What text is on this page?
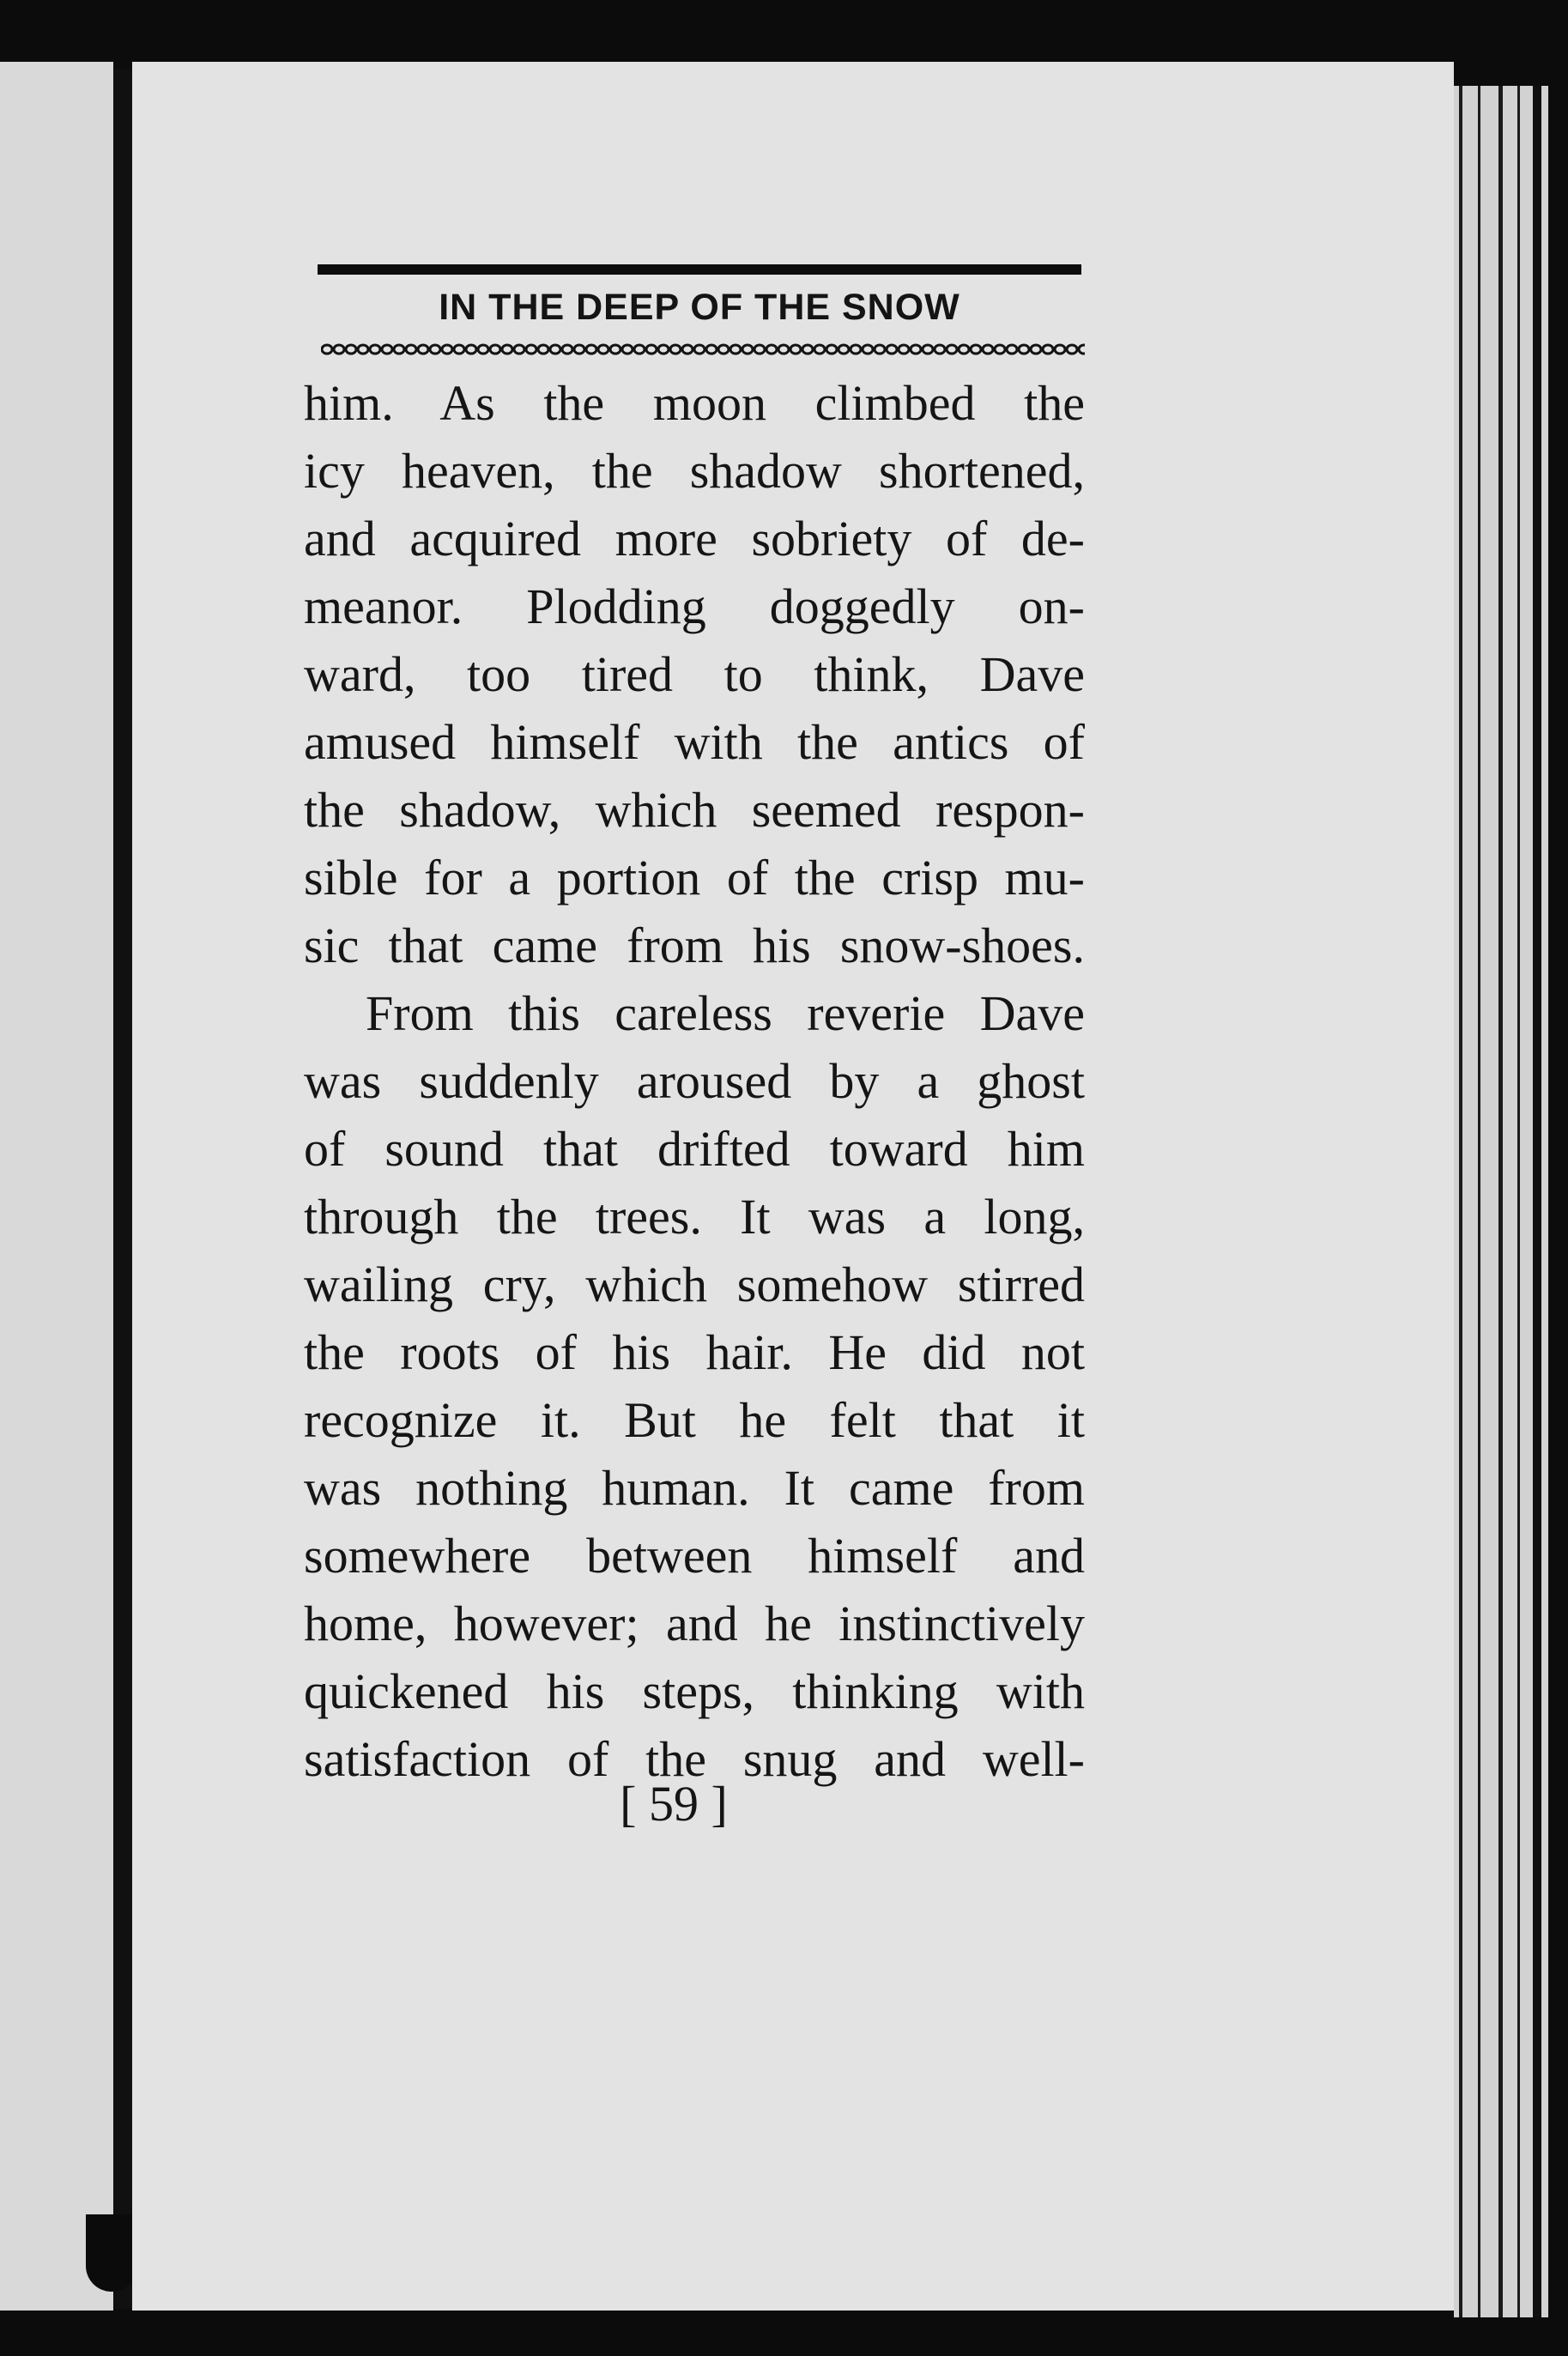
IN THE DEEP OF THE SNOW
him. As the moon climbed the
icy heaven, the shadow shortened,
and acquired more sobriety of de-
meanor. Plodding doggedly on-
ward, too tired to think, Dave
amused himself with the antics of
the shadow, which seemed respon-
sible for a portion of the crisp mu-
sic that came from his snow-shoes.
From this careless reverie Dave
was suddenly aroused by a ghost
of sound that drifted toward him
through the trees. It was a long,
wailing cry, which somehow stirred
the roots of his hair. He did not
recognize it. But he felt that it
was nothing human. It came from
somewhere between himself and
home, however; and he instinctively
quickened his steps, thinking with
satisfaction of the snug and well-
[ 59 ]
